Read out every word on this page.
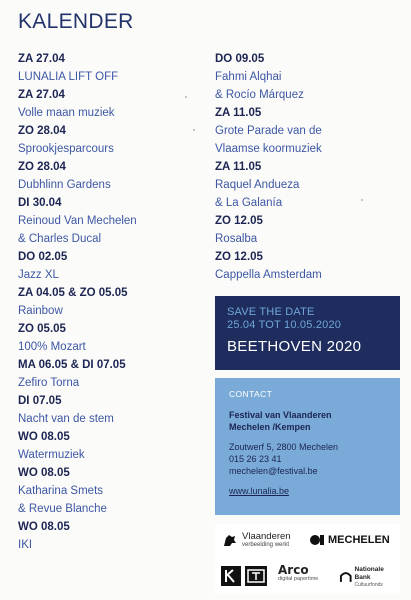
KALENDER
ZA 27.04
LUNALIA LIFT OFF
ZA 27.04
Volle maan muziek
ZO 28.04
Sprookjesparcours
ZO 28.04
Dubhlinn Gardens
DI 30.04
Reinoud Van Mechelen
& Charles Ducal
DO 02.05
Jazz XL
ZA 04.05 & ZO 05.05
Rainbow
ZO 05.05
100% Mozart
MA 06.05 & DI 07.05
Zefiro Torna
DI 07.05
Nacht van de stem
WO 08.05
Watermuziek
WO 08.05
Katharina Smets
& Revue Blanche
WO 08.05
IKI
DO 09.05
Fahmi Alqhai
& Rocío Márquez
ZA 11.05
Grote Parade van de
Vlaamse koormuziek
ZA 11.05
Raquel Andueza
& La Galanía
ZO 12.05
Rosalba
ZO 12.05
Cappella Amsterdam
SAVE THE DATE
25.04 TOT 10.05.2020
BEETHOVEN 2020
CONTACT
Festival van Vlaanderen
Mechelen /Kempen
Zoutwerf 5, 2800 Mechelen
015 26 23 41
mechelen@festival.be
www.lunalia.be
Vlaanderen
verbeelding werkt	MECHELEN
Arco
digital papertime
Nationale Bank
Cultuurfonds
